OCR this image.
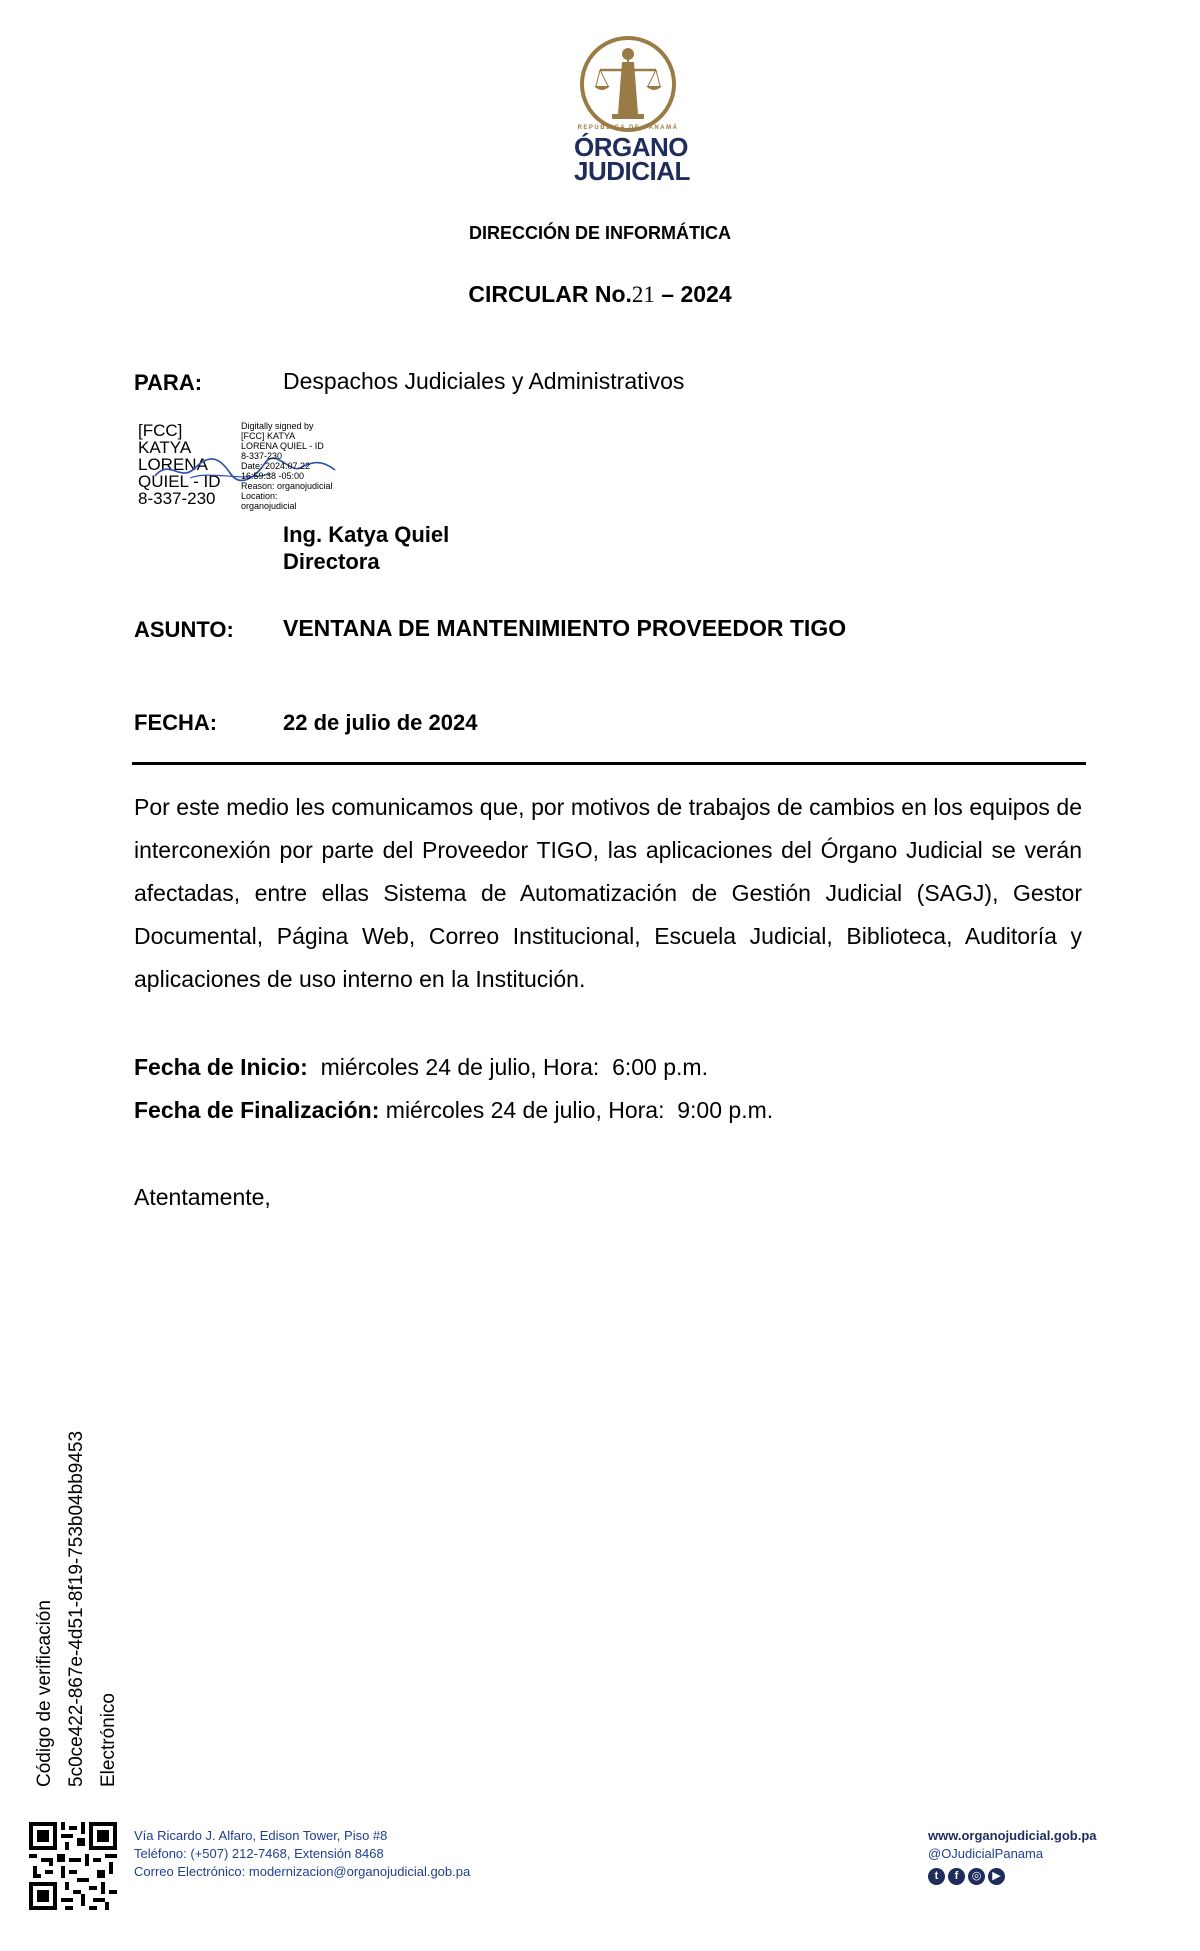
REPÚBLICA DE PANAMÁ
ÓRGANO
JUDICIAL
DIRECCIÓN DE INFORMÁTICA
CIRCULAR No.21 – 2024
PARA:	Despachos Judiciales y Administrativos
[FCC]
KATYA
LORENA
QUIEL - ID
8-337-230
Digitally signed by
[FCC] KATYA
LORENA QUIEL - ID
8-337-230
Date: 2024.07.22
16:59:38 -05:00
Reason: organojudicial
Location:
organojudicial
Ing. Katya Quiel
Directora
ASUNTO: VENTANA DE MANTENIMIENTO PROVEEDOR TIGO
FECHA:	22 de julio de 2024
Por este medio les comunicamos que, por motivos de trabajos de cambios en los equipos de interconexión por parte del Proveedor TIGO, las aplicaciones del Órgano Judicial se verán afectadas, entre ellas Sistema de Automatización de Gestión Judicial (SAGJ), Gestor Documental, Página Web, Correo Institucional, Escuela Judicial, Biblioteca, Auditoría y aplicaciones de uso interno en la Institución.
Fecha de Inicio:  miércoles 24 de julio, Hora:  6:00 p.m.
Fecha de Finalización: miércoles 24 de julio, Hora:  9:00 p.m.
Atentamente,
Código de verificación 5c0ce422-867e-4d51-8f19-753b04bb9453 Electrónico
Vía Ricardo J. Alfaro, Edison Tower, Piso #8
Teléfono: (+507) 212-7468, Extensión 8468
Correo Electrónico: modernizacion@organojudicial.gob.pa
www.organojudicial.gob.pa
@OJudicialPanama
t f ◎ ▶
